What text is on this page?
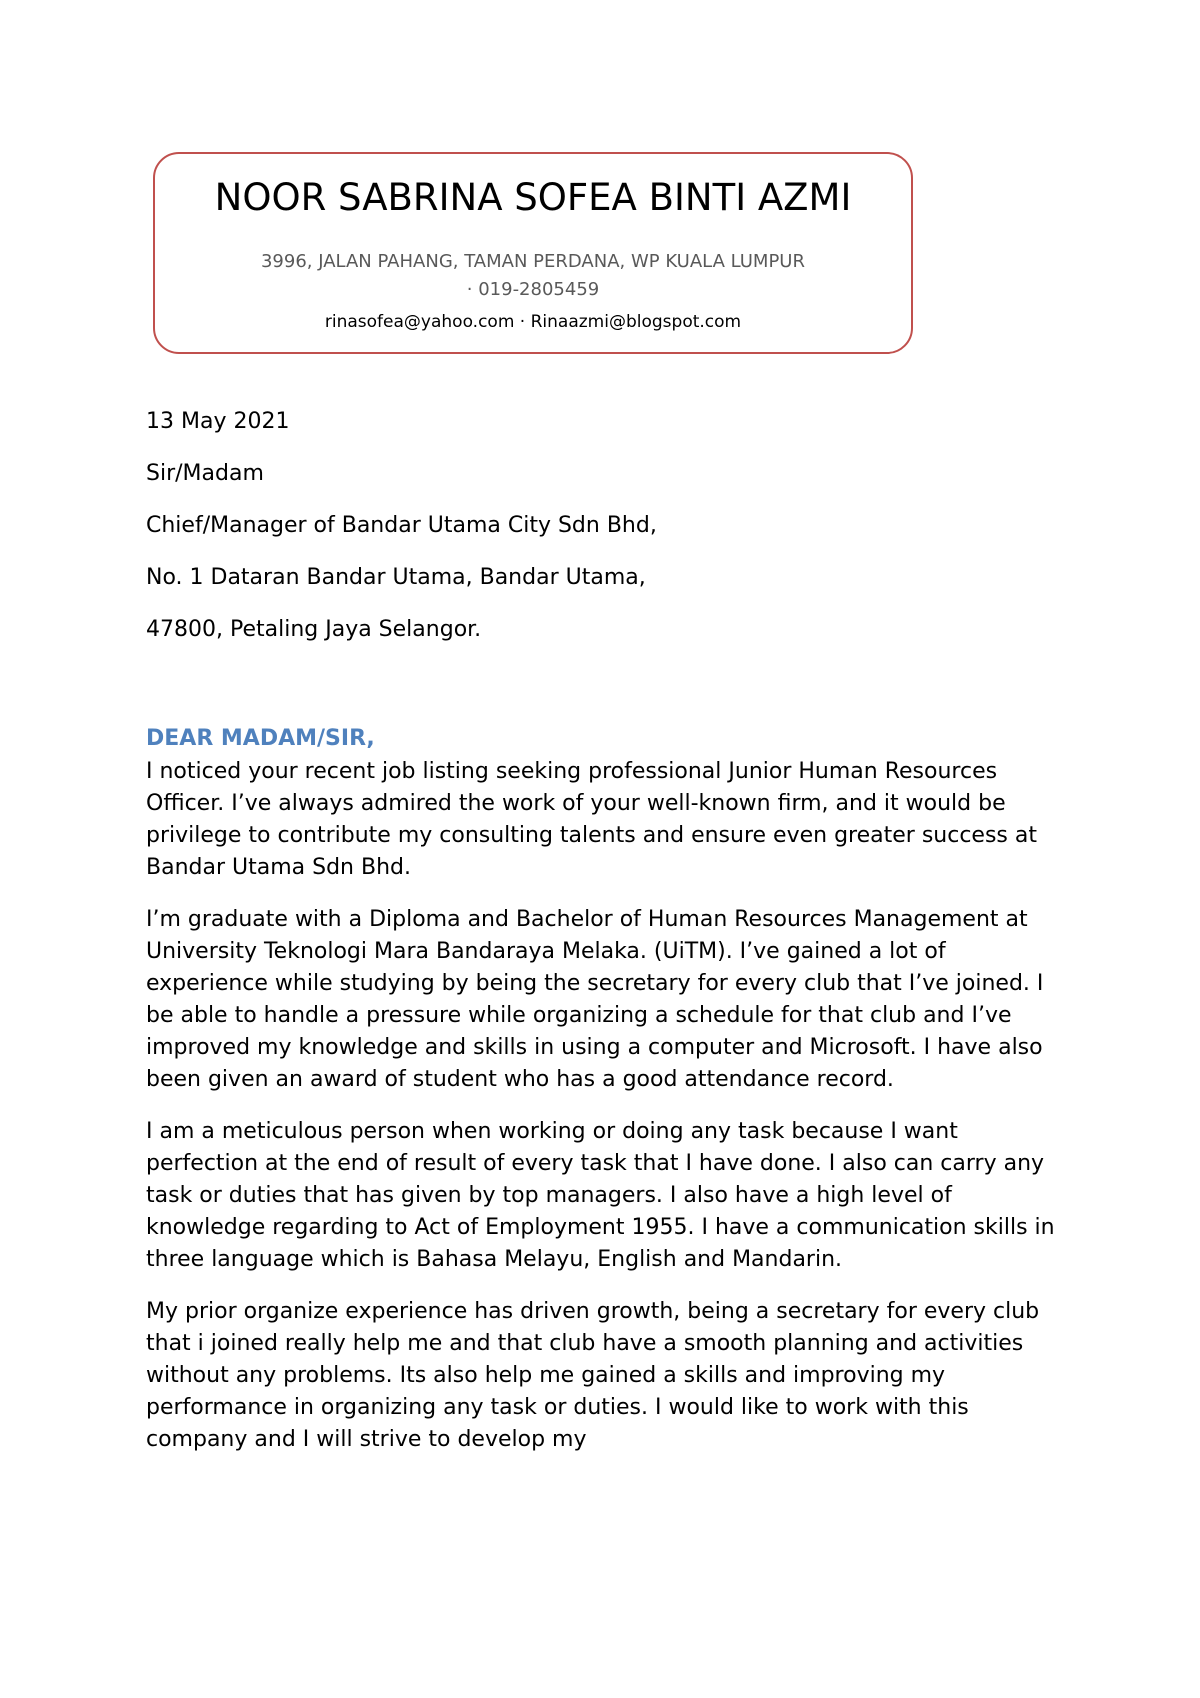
NOOR SABRINA SOFEA BINTI AZMI
3996, JALAN PAHANG, TAMAN PERDANA, WP KUALA LUMPUR
· 019-2805459
rinasofea@yahoo.com · Rinaazmi@blogspot.com
13 May 2021
Sir/Madam
Chief/Manager of Bandar Utama City Sdn Bhd,
No. 1 Dataran Bandar Utama, Bandar Utama,
47800, Petaling Jaya Selangor.
DEAR MADAM/SIR,

I noticed your recent job listing seeking professional Junior Human Resources Officer. I’ve always admired the work of your well-known firm, and it would be privilege to contribute my consulting talents and ensure even greater success at Bandar Utama Sdn Bhd.

I’m graduate with a Diploma and Bachelor of Human Resources Management at University Teknologi Mara Bandaraya Melaka. (UiTM). I’ve gained a lot of experience while studying by being the secretary for every club that I’ve joined. I be able to handle a pressure while organizing a schedule for that club and I’ve improved my knowledge and skills in using a computer and Microsoft. I have also been given an award of student who has a good attendance record.

I am a meticulous person when working or doing any task because I want perfection at the end of result of every task that I have done. I also can carry any task or duties that has given by top managers. I also have a high level of knowledge regarding to Act of Employment 1955. I have a communication skills in three language which is Bahasa Melayu, English and Mandarin.

My prior organize experience has driven growth, being a secretary for every club that i joined really help me and that club have a smooth planning and activities without any problems. Its also help me gained a skills and improving my performance in organizing any task or duties. I would like to work with this company and I will strive to develop my
